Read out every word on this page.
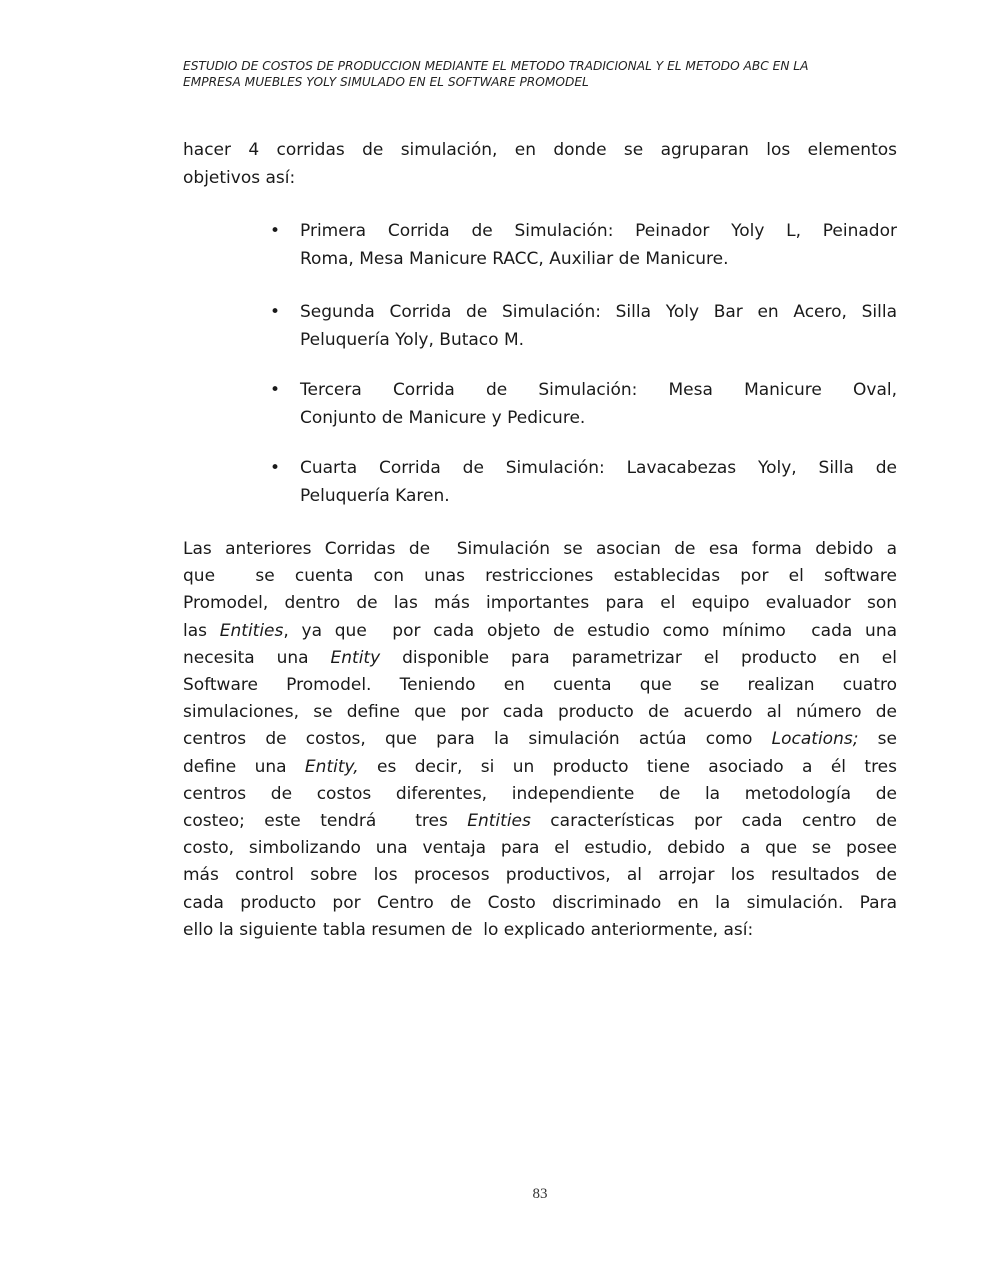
ESTUDIO DE COSTOS DE PRODUCCION MEDIANTE EL METODO TRADICIONAL Y EL METODO ABC EN LA
EMPRESA MUEBLES YOLY SIMULADO EN EL SOFTWARE PROMODEL
hacer 4 corridas de simulación, en donde se agruparan los elementos
objetivos así:
• Primera Corrida de Simulación: Peinador Yoly L, Peinador
Roma, Mesa Manicure RACC, Auxiliar de Manicure.
• Segunda Corrida de Simulación: Silla Yoly Bar en Acero, Silla
Peluquería Yoly, Butaco M.
• Tercera Corrida de Simulación: Mesa Manicure Oval,
Conjunto de Manicure y Pedicure.
• Cuarta Corrida de Simulación: Lavacabezas Yoly, Silla de
Peluquería Karen.
Las anteriores Corridas de  Simulación se asocian de esa forma debido a
que  se cuenta con unas restricciones establecidas por el software
Promodel, dentro de las más importantes para el equipo evaluador son
las Entities, ya que  por cada objeto de estudio como mínimo  cada una
necesita una Entity disponible para parametrizar el producto en el
Software Promodel. Teniendo en cuenta que se realizan cuatro
simulaciones, se define que por cada producto de acuerdo al número de
centros de costos, que para la simulación actúa como Locations; se
define una Entity, es decir, si un producto tiene asociado a él tres
centros de costos diferentes, independiente de la metodología de
costeo; este tendrá  tres Entities características por cada centro de
costo, simbolizando una ventaja para el estudio, debido a que se posee
más control sobre los procesos productivos, al arrojar los resultados de
cada producto por Centro de Costo discriminado en la simulación. Para
ello la siguiente tabla resumen de  lo explicado anteriormente, así:
83
